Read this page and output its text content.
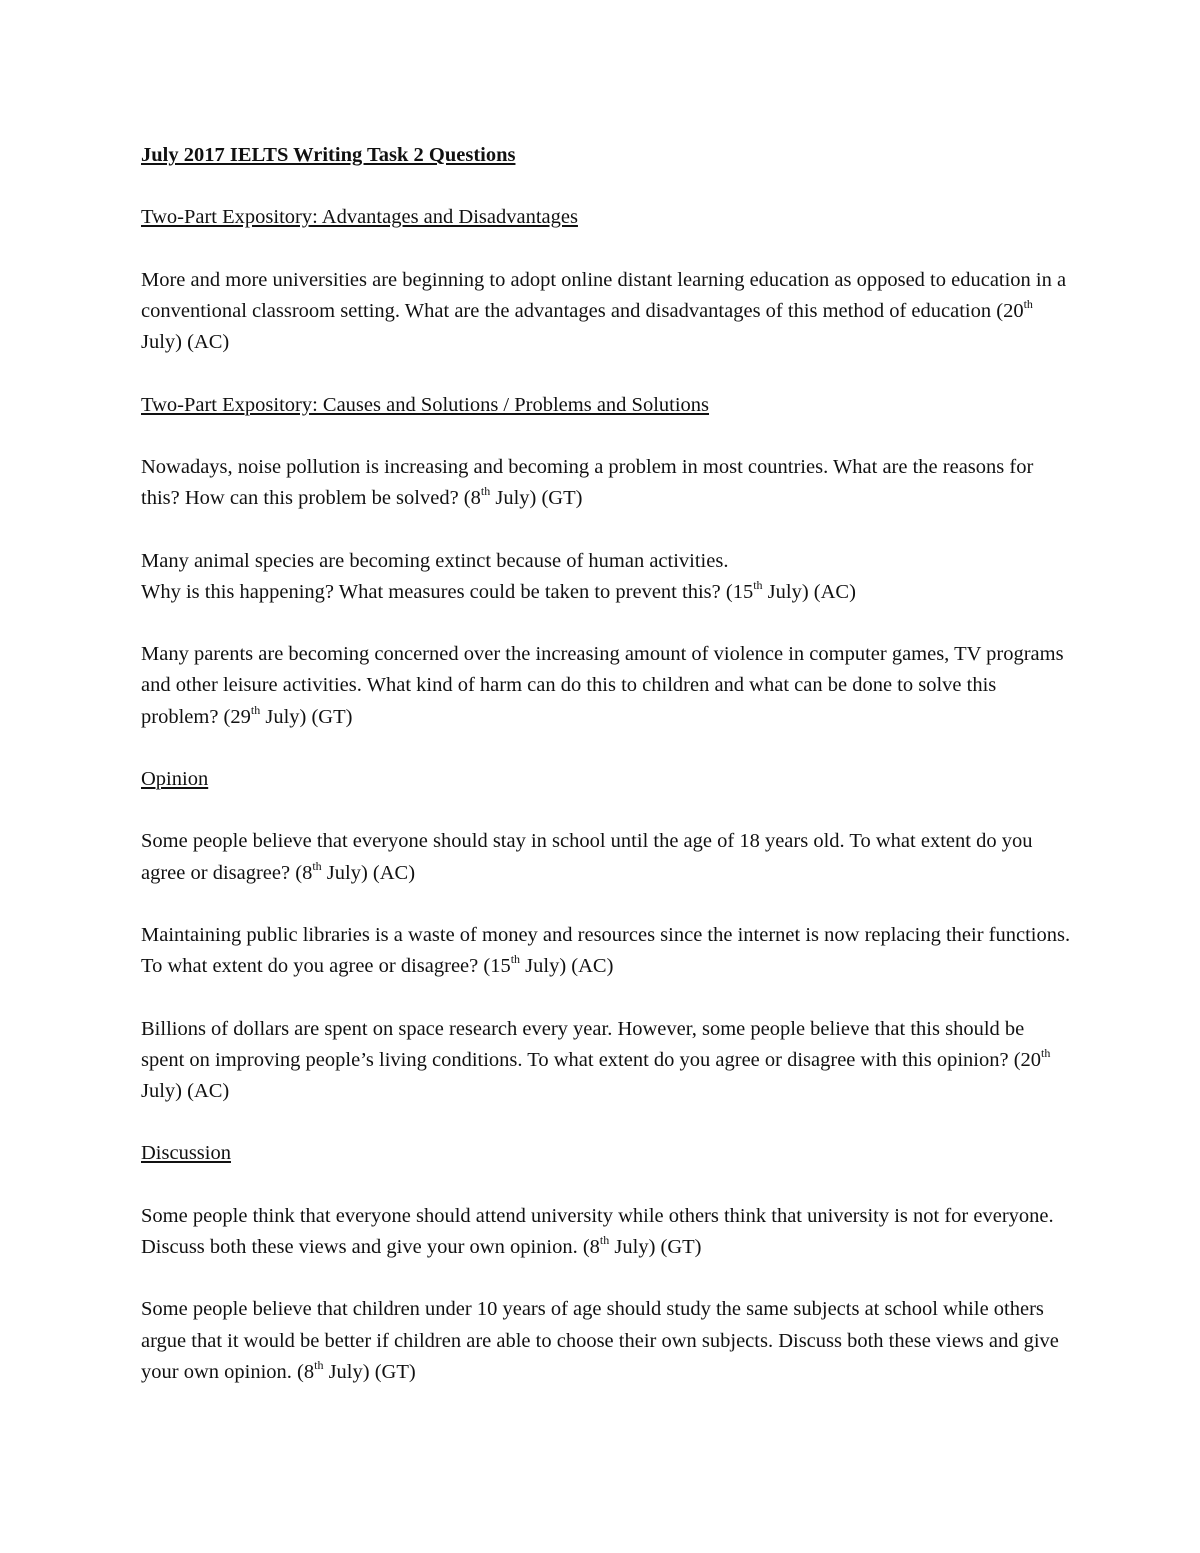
July 2017 IELTS Writing Task 2 Questions

Two-Part Expository: Advantages and Disadvantages

More and more universities are beginning to adopt online distant learning education as opposed to education in a conventional classroom setting. What are the advantages and disadvantages of this method of education (20th July) (AC)

Two-Part Expository: Causes and Solutions / Problems and Solutions

Nowadays, noise pollution is increasing and becoming a problem in most countries. What are the reasons for this? How can this problem be solved? (8th July) (GT)

Many animal species are becoming extinct because of human activities.
Why is this happening? What measures could be taken to prevent this? (15th July) (AC)

Many parents are becoming concerned over the increasing amount of violence in computer games, TV programs and other leisure activities. What kind of harm can do this to children and what can be done to solve this problem? (29th July) (GT)

Opinion

Some people believe that everyone should stay in school until the age of 18 years old. To what extent do you agree or disagree? (8th July) (AC)

Maintaining public libraries is a waste of money and resources since the internet is now replacing their functions. To what extent do you agree or disagree? (15th July) (AC)

Billions of dollars are spent on space research every year. However, some people believe that this should be spent on improving people’s living conditions. To what extent do you agree or disagree with this opinion? (20th July) (AC)

Discussion

Some people think that everyone should attend university while others think that university is not for everyone. Discuss both these views and give your own opinion. (8th July) (GT)

Some people believe that children under 10 years of age should study the same subjects at school while others argue that it would be better if children are able to choose their own subjects. Discuss both these views and give your own opinion. (8th July) (GT)
